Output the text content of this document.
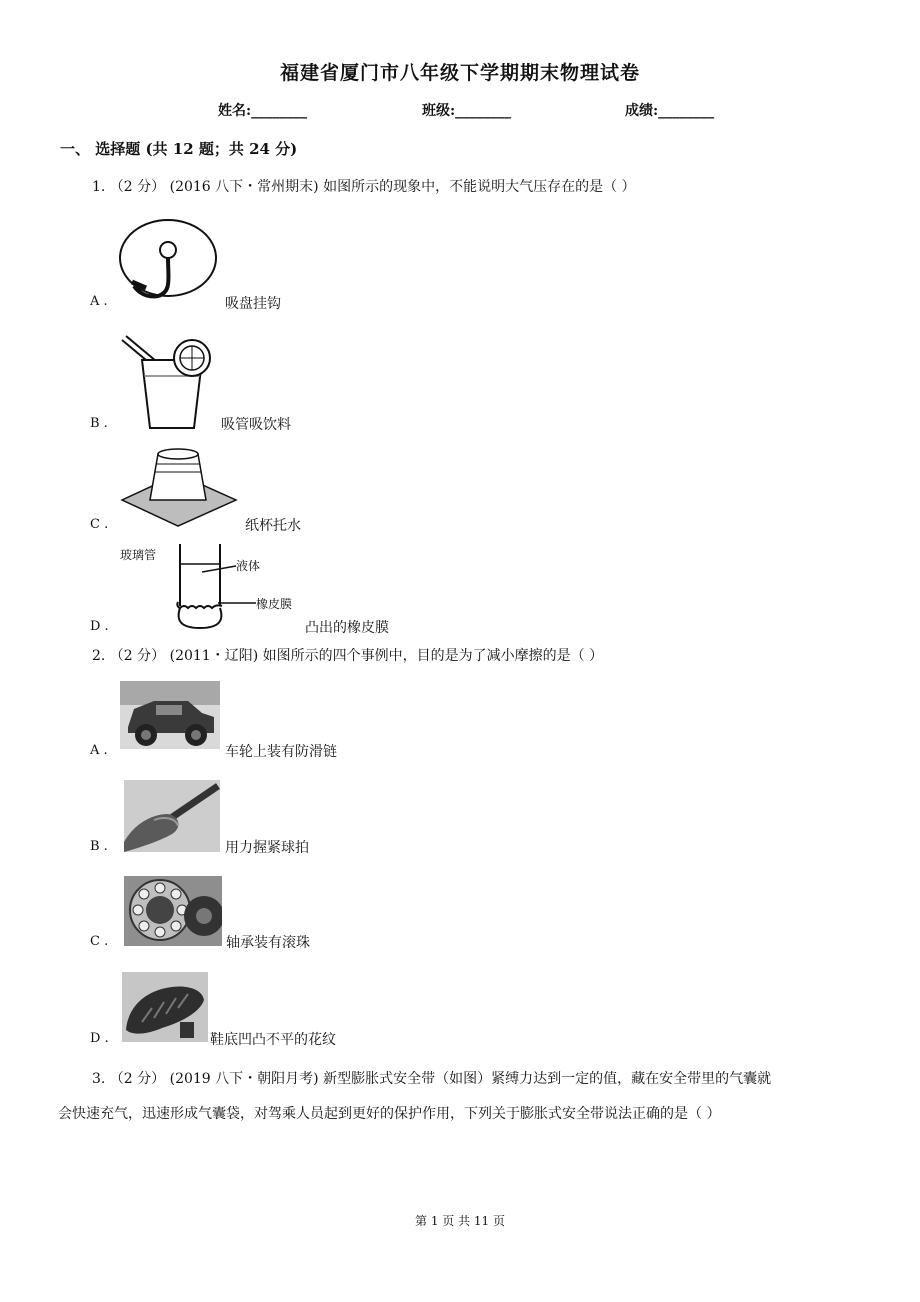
福建省厦门市八年级下学期期末物理试卷
姓名:________	班级:________	成绩:________
一、 选择题 (共 12 题；共 24 分)
1. （2 分） (2016 八下・常州期末) 如图所示的现象中，不能说明大气压存在的是（ ）
A .	吸盘挂钩
B .	吸管吸饮料
C .	纸杯托水
玻璃管
液体
橡皮膜
D .	凸出的橡皮膜
2. （2 分） (2011・辽阳) 如图所示的四个事例中，目的是为了减小摩擦的是（ ）
A .	车轮上装有防滑链
B .	用力握紧球拍
C .	轴承装有滚珠
D .	鞋底凹凸不平的花纹
3. （2 分） (2019 八下・朝阳月考) 新型膨胀式安全带（如图）紧缚力达到一定的值，藏在安全带里的气囊就
会快速充气，迅速形成气囊袋，对驾乘人员起到更好的保护作用，下列关于膨胀式安全带说法正确的是（ ）
第 1 页 共 11 页
